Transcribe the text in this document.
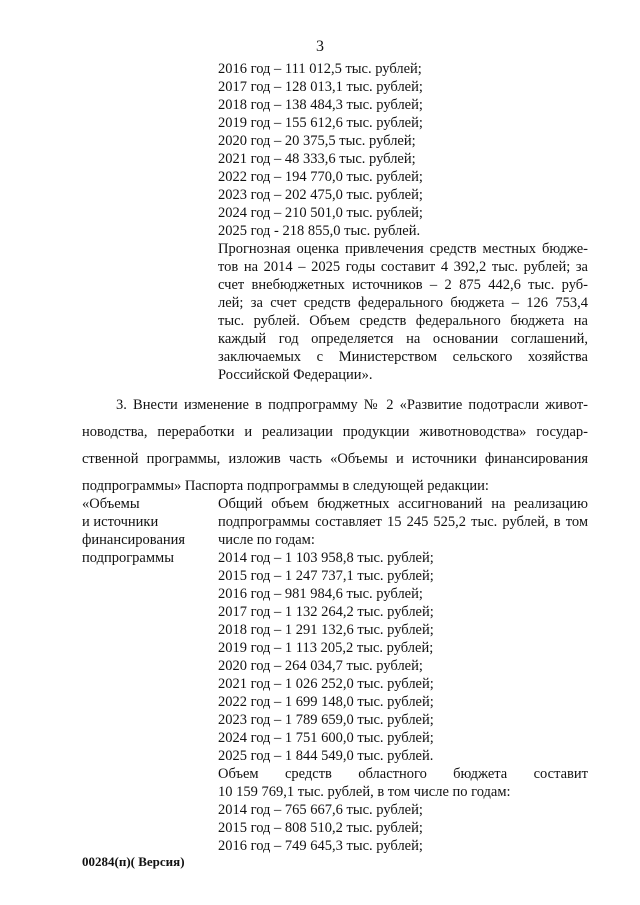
3
2016 год – 111 012,5 тыс. рублей;
2017 год – 128 013,1 тыс. рублей;
2018 год – 138 484,3 тыс. рублей;
2019 год – 155 612,6 тыс. рублей;
2020 год – 20 375,5 тыс. рублей;
2021 год – 48 333,6 тыс. рублей;
2022 год – 194 770,0 тыс. рублей;
2023 год – 202 475,0 тыс. рублей;
2024 год – 210 501,0 тыс. рублей;
2025 год - 218 855,0 тыс. рублей.
Прогнозная оценка привлечения средств местных бюдже-
тов на 2014 – 2025 годы составит 4 392,2 тыс. рублей; за
счет внебюджетных источников – 2 875 442,6 тыс. руб-
лей; за счет средств федерального бюджета – 126 753,4
тыс. рублей. Объем средств федерального бюджета на
каждый год определяется на основании соглашений,
заключаемых с Министерством сельского хозяйства
Российской Федерации».
3. Внести изменение в подпрограмму № 2 «Развитие подотрасли живот-
новодства, переработки и реализации продукции животноводства» государ-
ственной программы, изложив часть «Объемы и источники финансирования
подпрограммы» Паспорта подпрограммы в следующей редакции:
«Объемы
и источники
финансирования
подпрограммы
Общий объем бюджетных ассигнований на реализацию
подпрограммы составляет 15 245 525,2 тыс. рублей, в том
числе по годам:
2014 год – 1 103 958,8 тыс. рублей;
2015 год – 1 247 737,1 тыс. рублей;
2016 год – 981 984,6 тыс. рублей;
2017 год – 1 132 264,2 тыс. рублей;
2018 год – 1 291 132,6 тыс. рублей;
2019 год – 1 113 205,2 тыс. рублей;
2020 год – 264 034,7 тыс. рублей;
2021 год – 1 026 252,0 тыс. рублей;
2022 год – 1 699 148,0 тыс. рублей;
2023 год – 1 789 659,0 тыс. рублей;
2024 год – 1 751 600,0 тыс. рублей;
2025 год – 1 844 549,0 тыс. рублей.
Объем средств областного бюджета составит
10 159 769,1 тыс. рублей, в том числе по годам:
2014 год – 765 667,6 тыс. рублей;
2015 год – 808 510,2 тыс. рублей;
2016 год – 749 645,3 тыс. рублей;
00284(п)( Версия)
